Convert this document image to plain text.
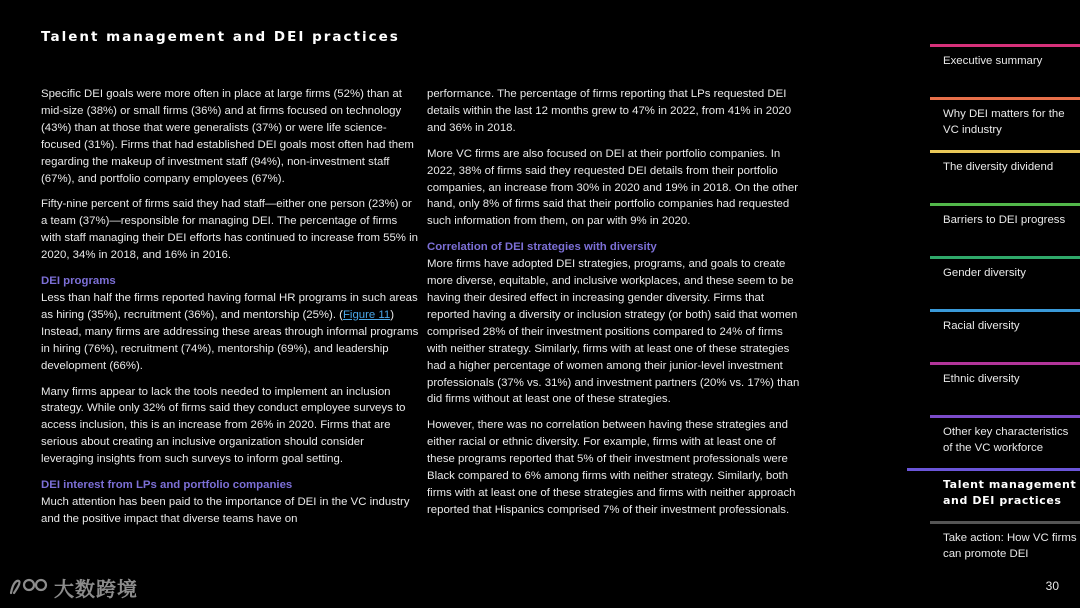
Talent management and DEI practices

Specific DEI goals were more often in place at large firms (52%) than at mid-size (38%) or small firms (36%) and at firms focused on technology (43%) than at those that were generalists (37%) or were life science-focused (31%). Firms that had established DEI goals most often had them regarding the makeup of investment staff (94%), non-investment staff (67%), and portfolio company employees (67%).

Fifty-nine percent of firms said they had staff—either one person (23%) or a team (37%)—responsible for managing DEI. The percentage of firms with staff managing their DEI efforts has continued to increase from 55% in 2020, 34% in 2018, and 16% in 2016.

DEI programs
Less than half the firms reported having formal HR programs in such areas as hiring (35%), recruitment (36%), and mentorship (25%). (Figure 11) Instead, many firms are addressing these areas through informal programs in hiring (76%), recruitment (74%), mentorship (69%), and leadership development (66%).

Many firms appear to lack the tools needed to implement an inclusion strategy. While only 32% of firms said they conduct employee surveys to access inclusion, this is an increase from 26% in 2020. Firms that are serious about creating an inclusive organization should consider leveraging insights from such surveys to inform goal setting.

DEI interest from LPs and portfolio companies
Much attention has been paid to the importance of DEI in the VC industry and the positive impact that diverse teams have on

performance. The percentage of firms reporting that LPs requested DEI details within the last 12 months grew to 47% in 2022, from 41% in 2020 and 36% in 2018.

More VC firms are also focused on DEI at their portfolio companies. In 2022, 38% of firms said they requested DEI details from their portfolio companies, an increase from 30% in 2020 and 19% in 2018. On the other hand, only 8% of firms said that their portfolio companies had requested such information from them, on par with 9% in 2020.

Correlation of DEI strategies with diversity
More firms have adopted DEI strategies, programs, and goals to create more diverse, equitable, and inclusive workplaces, and these seem to be having their desired effect in increasing gender diversity. Firms that reported having a diversity or inclusion strategy (or both) said that women comprised 28% of their investment positions compared to 24% of firms with neither strategy. Similarly, firms with at least one of these strategies had a higher percentage of women among their junior-level investment professionals (37% vs. 31%) and investment partners (20% vs. 17%) than did firms without at least one of these strategies.

However, there was no correlation between having these strategies and either racial or ethnic diversity. For example, firms with at least one of these programs reported that 5% of their investment professionals were Black compared to 6% among firms with neither strategy. Similarly, both firms with at least one of these strategies and firms with neither approach reported that Hispanics comprised 7% of their investment professionals.

Executive summary
Why DEI matters for the VC industry
The diversity dividend
Barriers to DEI progress
Gender diversity
Racial diversity
Ethnic diversity
Other key characteristics of the VC workforce
Talent management and DEI practices
Take action: How VC firms can promote DEI
大数跨境	30
